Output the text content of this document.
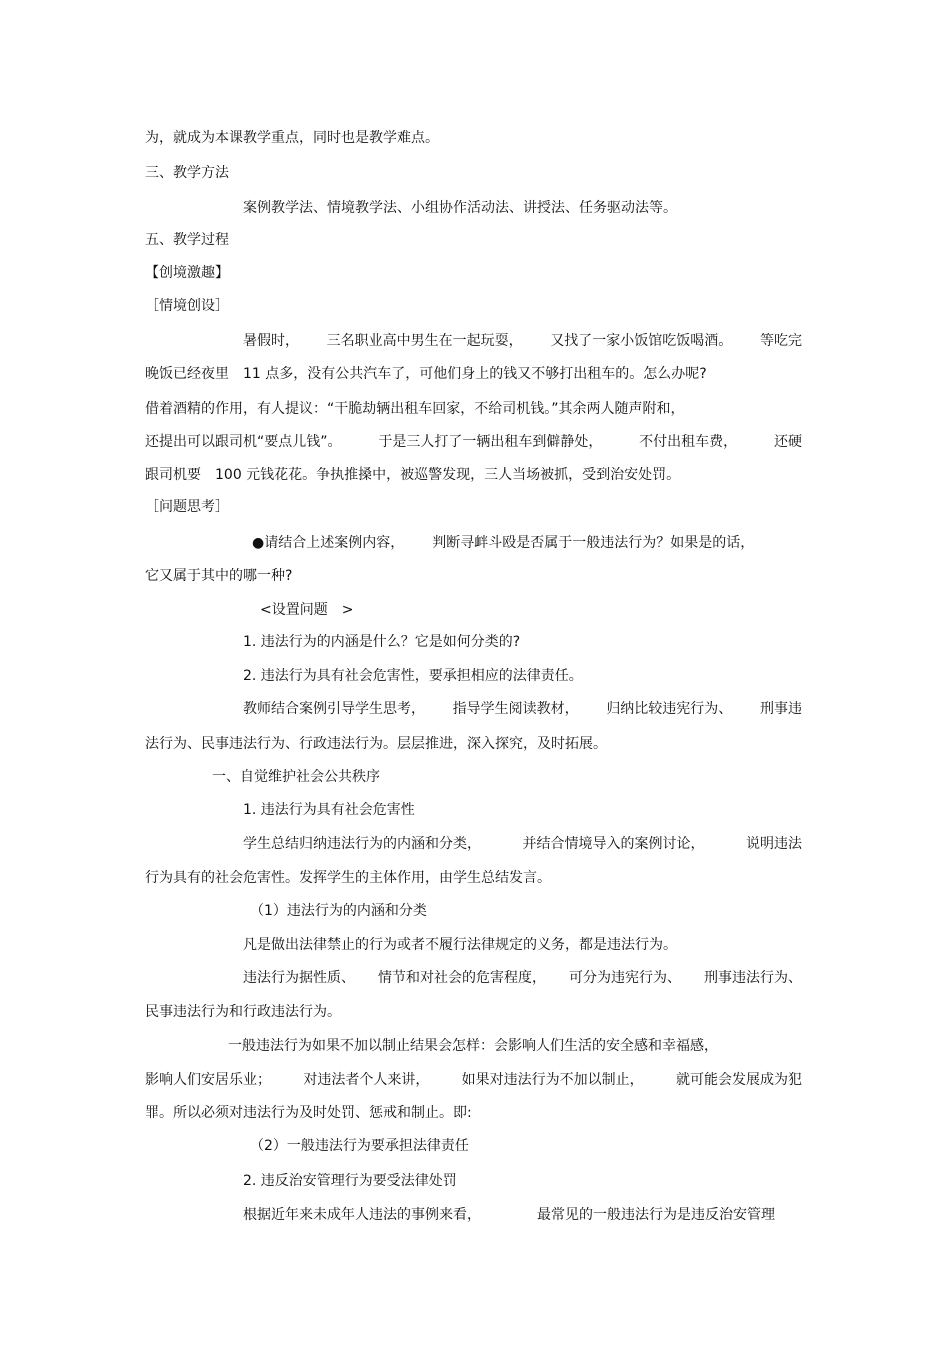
为，就成为本课教学重点，同时也是教学难点。
三、教学方法
案例教学法、情境教学法、小组协作活动法、讲授法、任务驱动法等。
五、教学过程
【创境激趣】
［情境创设］
暑假时， 三名职业高中男生在一起玩耍， 又找了一家小饭馆吃饭喝酒。 等吃完
晚饭已经夜里　11 点多，没有公共汽车了，可他们身上的钱又不够打出租车的。怎么办呢?
借着酒精的作用，有人提议：“干脆劫辆出租车回家，不给司机钱。”其余两人随声附和，
还提出可以跟司机“要点儿钱”。	于是三人打了一辆出租车到僻静处，	不付出租车费，	还硬
跟司机要　100 元钱花花。争执推搡中，被巡警发现，三人当场被抓，受到治安处罚。
［问题思考］
●请结合上述案例内容， 判断寻衅斗殴是否属于一般违法行为？如果是的话，
它又属于其中的哪一种?
<设置问题　>
1. 违法行为的内涵是什么？它是如何分类的?
2. 违法行为具有社会危害性，要承担相应的法律责任。
教师结合案例引导学生思考， 指导学生阅读教材， 归纳比较违宪行为、 刑事违
法行为、民事违法行为、行政违法行为。层层推进，深入探究，及时拓展。
一、自觉维护社会公共秩序
1. 违法行为具有社会危害性
学生总结归纳违法行为的内涵和分类，	并结合情境导入的案例讨论，	说明违法
行为具有的社会危害性。发挥学生的主体作用，由学生总结发言。
（1）违法行为的内涵和分类
凡是做出法律禁止的行为或者不履行法律规定的义务，都是违法行为。
违法行为据性质、 情节和对社会的危害程度， 可分为违宪行为、 刑事违法行为、
民事违法行为和行政违法行为。
一般违法行为如果不加以制止结果会怎样：会影响人们生活的安全感和幸福感，
影响人们安居乐业； 对违法者个人来讲， 如果对违法行为不加以制止， 就可能会发展成为犯
罪。所以必须对违法行为及时处罚、惩戒和制止。即:
（2）一般违法行为要承担法律责任
2. 违反治安管理行为要受法律处罚
根据近年来未成年人违法的事例来看，	最常见的一般违法行为是违反治安管理
